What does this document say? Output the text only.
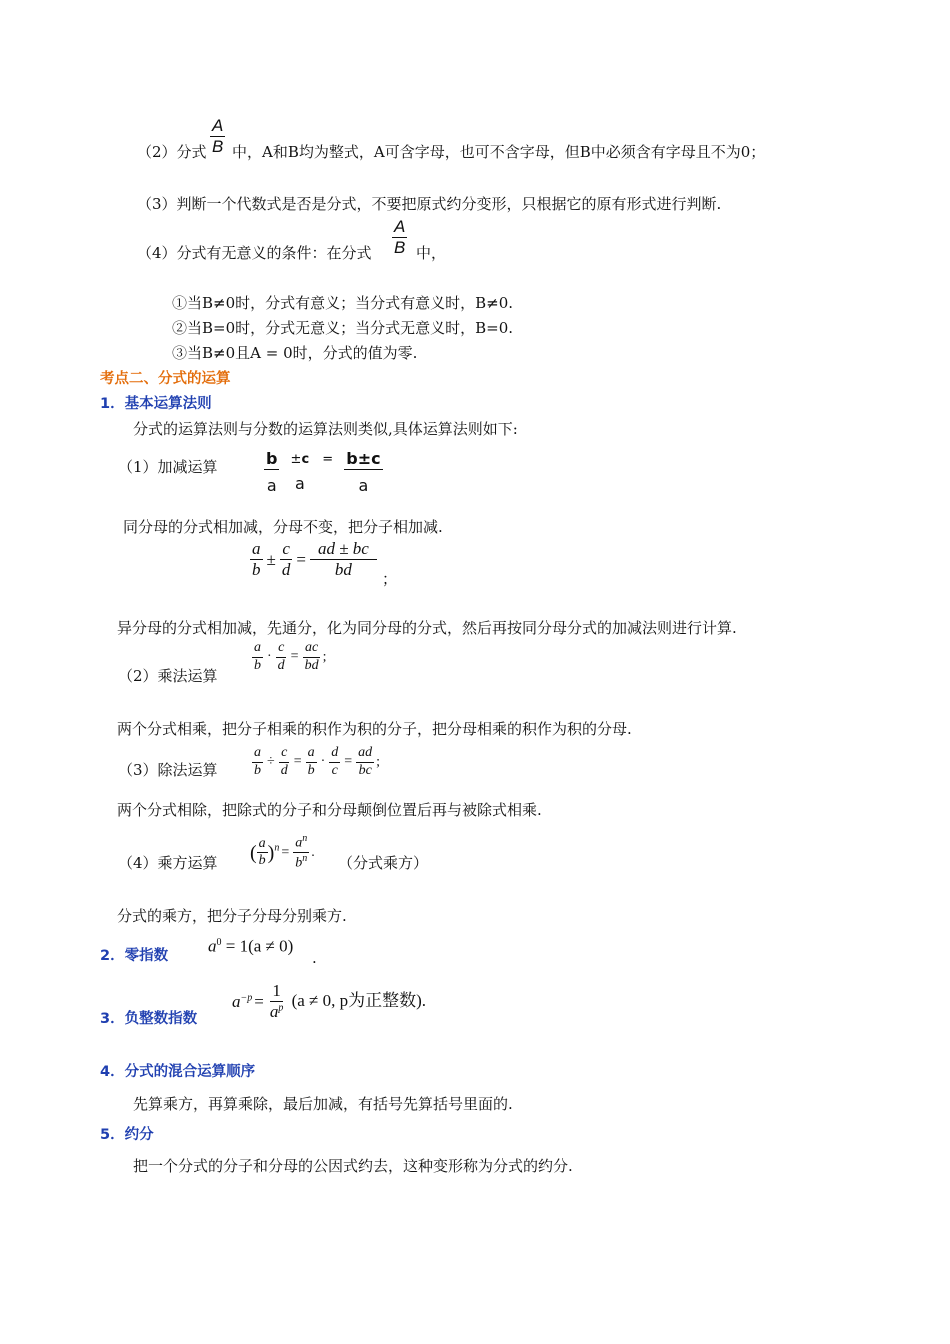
（2）分式 $\frac{A}{B}$ 中，A和B均为整式，A可含字母，也可不含字母，但B中必须含有字母且不为0；
（3）判断一个代数式是否是分式，不要把原式约分变形，只根据它的原有形式进行判断.
（4）分式有无意义的条件：在分式 $\frac{A}{B}$ 中，
①当B≠0时，分式有意义；当分式有意义时，B≠0.
②当B=0时，分式无意义；当分式无意义时，B=0.
③当B≠0且A = 0时，分式的值为零.
考点二、分式的运算
1．基本运算法则
分式的运算法则与分数的运算法则类似,具体运算法则如下:
（1）加减运算	$\frac{b}{a}$
±c
a

=

$\frac{b\pm c}{a}$
同分母的分式相加减，分母不变，把分子相加减.
$\frac{a}{b} \pm \frac{c}{d} = \frac{ad \pm bc}{bd}$
；
异分母的分式相加减，先通分，化为同分母的分式，然后再按同分母分式的加减法则进行计算.
$\frac{a}{b} \cdot \frac{c}{d} = \frac{ac}{bd}$ ;
（2）乘法运算
两个分式相乘，把分子相乘的积作为积的分子，把分母相乘的积作为积的分母.
（3）除法运算 $\frac{a}{b} \div \frac{c}{d} = \frac{a}{b} \cdot \frac{d}{c} = \frac{ad}{bc}$ ;
两个分式相除，把除式的分子和分母颠倒位置后再与被除式相乘.
（4）乘方运算 ( $\frac{a}{b} )^n = \frac{a^n}{b^n}$ .
（分式乘方）
分式的乘方，把分子分母分别乘方.
2．零指数
$a^0 = 1(a \ne 0)$
.
3．负整数指数
$a^{-p} = \frac{1}{a^p} (a \ne 0$, p为正整数).
4．分式的混合运算顺序
先算乘方，再算乘除，最后加减，有括号先算括号里面的.
5．约分
把一个分式的分子和分母的公因式约去，这种变形称为分式的约分.
